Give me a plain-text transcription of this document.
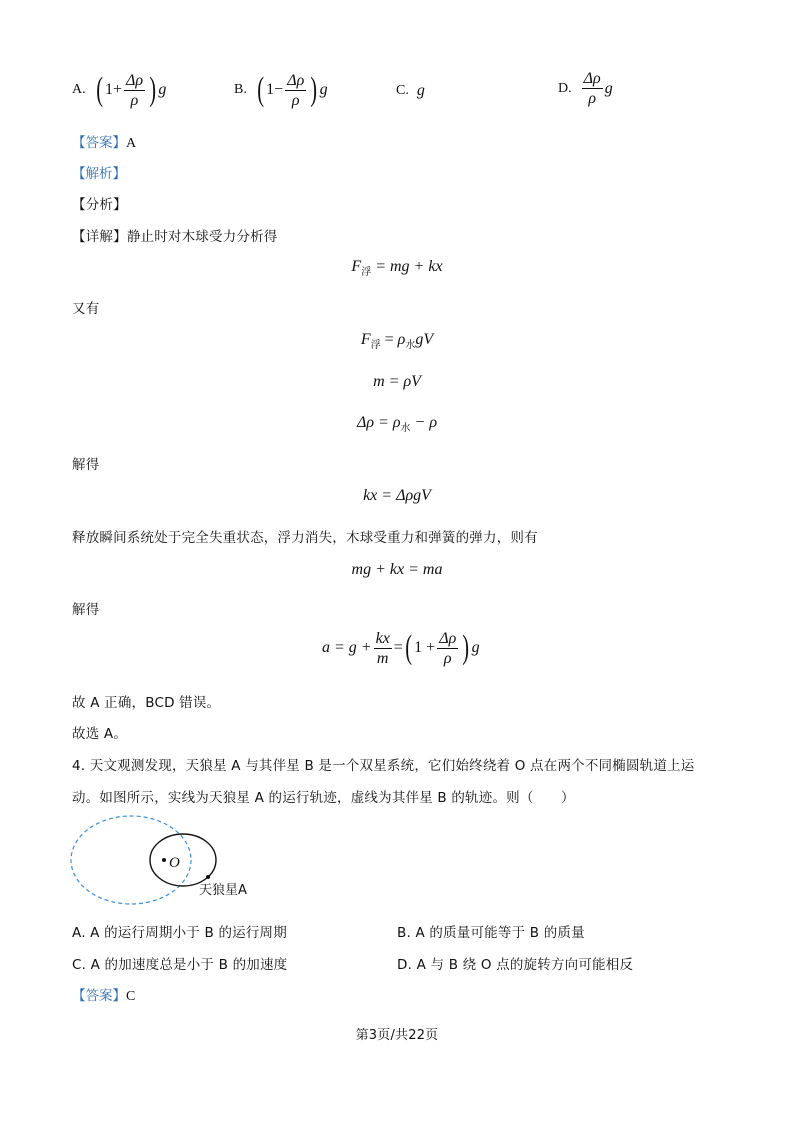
A. ( $1+ \frac{\Delta\rho}{\rho}$ ) g	B. ( $1- \frac{\Delta\rho}{\rho}$ ) g	C. g	D. $\frac{\Delta\rho}{\rho}$ g
【答案】A
【解析】
【分析】
【详解】静止时对木球受力分析得
$F_浮$ = mg + kx
又有
$F_浮 = \rho_水gV$
m = ρV
$\Delta\rho = \rho_水 - \rho$
解得
kx = ΔρgV
释放瞬间系统处于完全失重状态，浮力消失，木球受重力和弹簧的弹力，则有
mg + kx = ma
解得
$a = g + \frac{kx}{m}$ = ( $1 + \frac{\Delta\rho}{\rho}$ ) g
故 A 正确，BCD 错误。
故选 A。
4. 天文观测发现，天狼星 A 与其伴星 B 是一个双星系统，它们始终绕着 O 点在两个不同椭圆轨道上运
动。如图所示，实线为天狼星 A 的运行轨迹，虚线为其伴星 B 的轨迹。则（　　）
O
天狼星A
A. A 的运行周期小于 B 的运行周期	B. A 的质量可能等于 B 的质量
C. A 的加速度总是小于 B 的加速度	D. A 与 B 绕 O 点的旋转方向可能相反
【答案】C
第3页/共22页
